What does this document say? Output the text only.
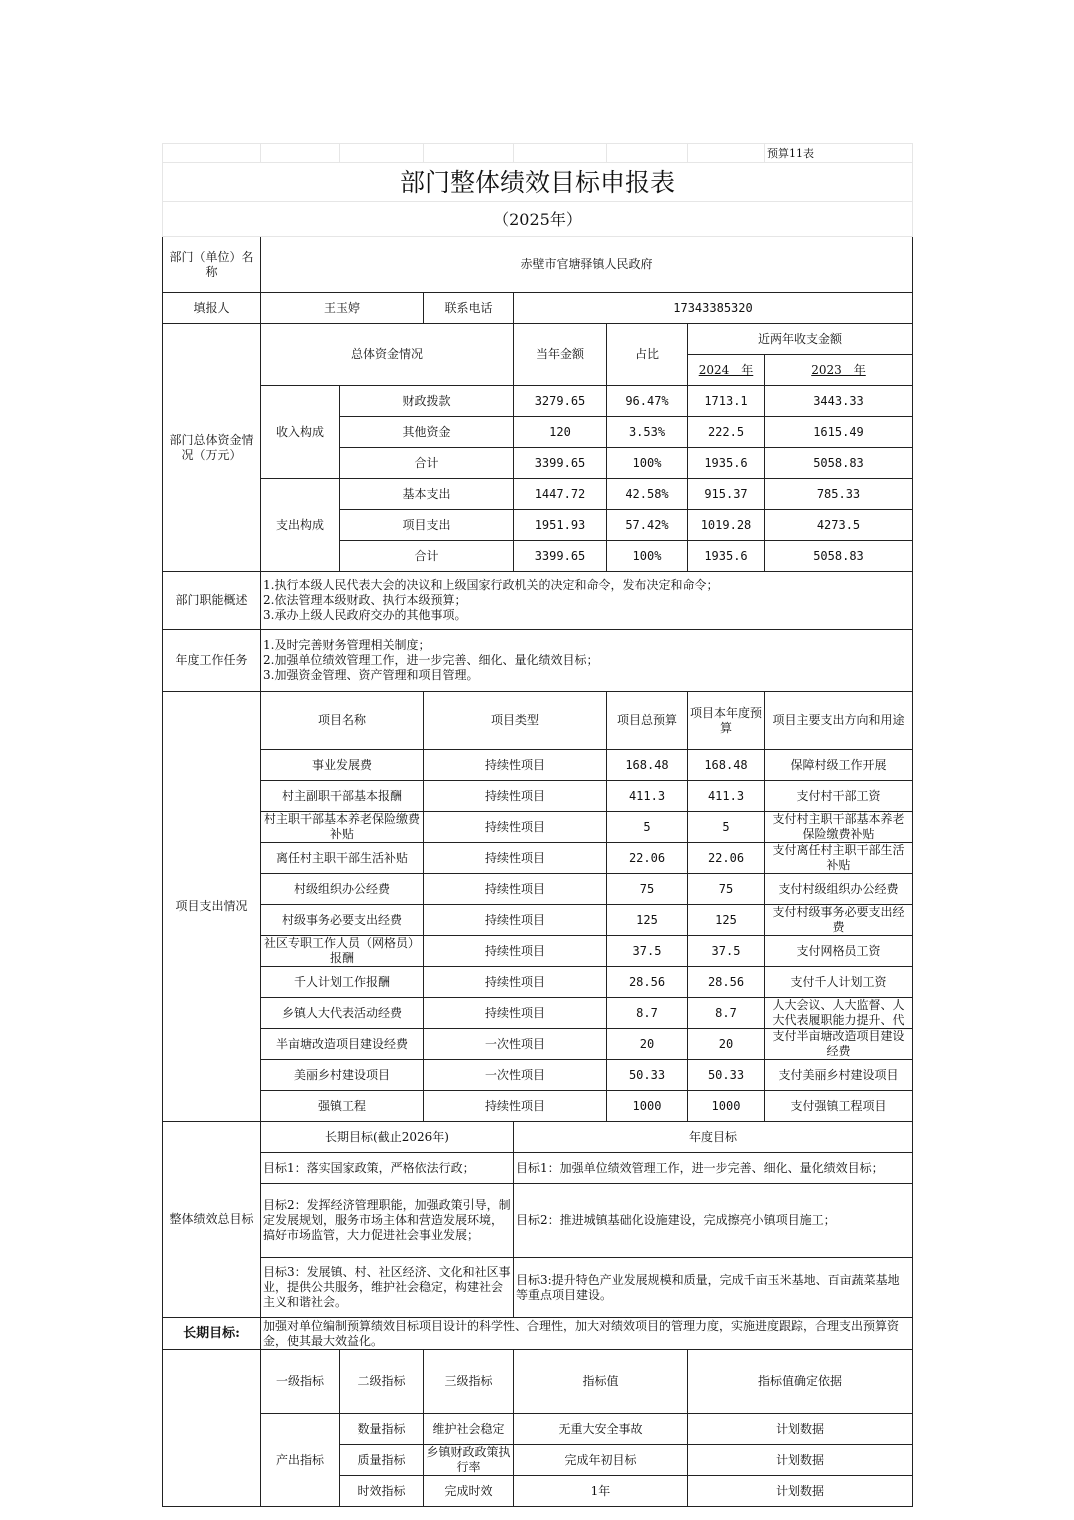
							预算11表
部门整体绩效目标申报表							
（2025年）							
部门（单位）名称	赤壁市官塘驿镇人民政府						
填报人	王玉婷		联系电话	17343385320			
部门总体资金情况（万元）	总体资金情况			当年金额	占比	近两年收支金额	
						2024　年	2023　年
	收入构成	财政拨款		3279.65	96.47%	1713.1	3443.33
		其他资金		120	3.53%	222.5	1615.49
		合计		3399.65	100%	1935.6	5058.83
	支出构成	基本支出		1447.72	42.58%	915.37	785.33
		项目支出		1951.93	57.42%	1019.28	4273.5
		合计		3399.65	100%	1935.6	5058.83
部门职能概述	1.执行本级人民代表大会的决议和上级国家行政机关的决定和命令，发布决定和命令；
2.依法管理本级财政、执行本级预算；
3.承办上级人民政府交办的其他事项。						

年度工作任务	1.及时完善财务管理相关制度；
2.加强单位绩效管理工作，进一步完善、细化、量化绩效目标；
3.加强资金管理、资产管理和项目管理。						

项目支出情况	项目名称		项目类型		项目总预算	项目本年度预算	项目主要支出方向和用途
	事业发展费		持续性项目		168.48	168.48	保障村级工作开展
	村主副职干部基本报酬		持续性项目		411.3	411.3	支付村干部工资
	村主职干部基本养老保险缴费补贴		持续性项目		5	5	支付村主职干部基本养老保险缴费补贴
	离任村主职干部生活补贴		持续性项目		22.06	22.06	支付离任村主职干部生活补贴
	村级组织办公经费		持续性项目		75	75	支付村级组织办公经费
	村级事务必要支出经费		持续性项目		125	125	支付村级事务必要支出经费
	社区专职工作人员（网格员）报酬		持续性项目		37.5	37.5	支付网格员工资
	千人计划工作报酬		持续性项目		28.56	28.56	支付千人计划工资
	乡镇人大代表活动经费		持续性项目		8.7	8.7	人大会议、人大监督、人大代表履职能力提升、代
	半亩塘改造项目建设经费		一次性项目		20	20	支付半亩塘改造项目建设经费
	美丽乡村建设项目		一次性项目		50.33	50.33	支付美丽乡村建设项目
	强镇工程		持续性项目		1000	1000	支付强镇工程项目
整体绩效总目标	长期目标(截止2026年)			年度目标			
	目标1：落实国家政策，严格依法行政；			目标1：加强单位绩效管理工作，进一步完善、细化、量化绩效目标；			
	目标2：发挥经济管理职能，加强政策引导，制定发展规划，服务市场主体和营造发展环境，搞好市场监管，大力促进社会事业发展；			目标2：推进城镇基础化设施建设，完成擦亮小镇项目施工；			
	目标3：发展镇、村、社区经济、文化和社区事业，提供公共服务，维护社会稳定，构建社会主义和谐社会。			目标3:提升特色产业发展规模和质量，完成千亩玉米基地、百亩蔬菜基地等重点项目建设。			
长期目标:	加强对单位编制预算绩效目标项目设计的科学性、合理性，加大对绩效项目的管理力度，实施进度跟踪，合理支出预算资金，使其最大效益化。						
	一级指标	二级指标	三级指标	指标值		指标值确定依据	
	产出指标	数量指标	维护社会稳定	无重大安全事故		计划数据	
		质量指标	乡镇财政政策执行率	完成年初目标		计划数据	
		时效指标	完成时效	1年		计划数据	
